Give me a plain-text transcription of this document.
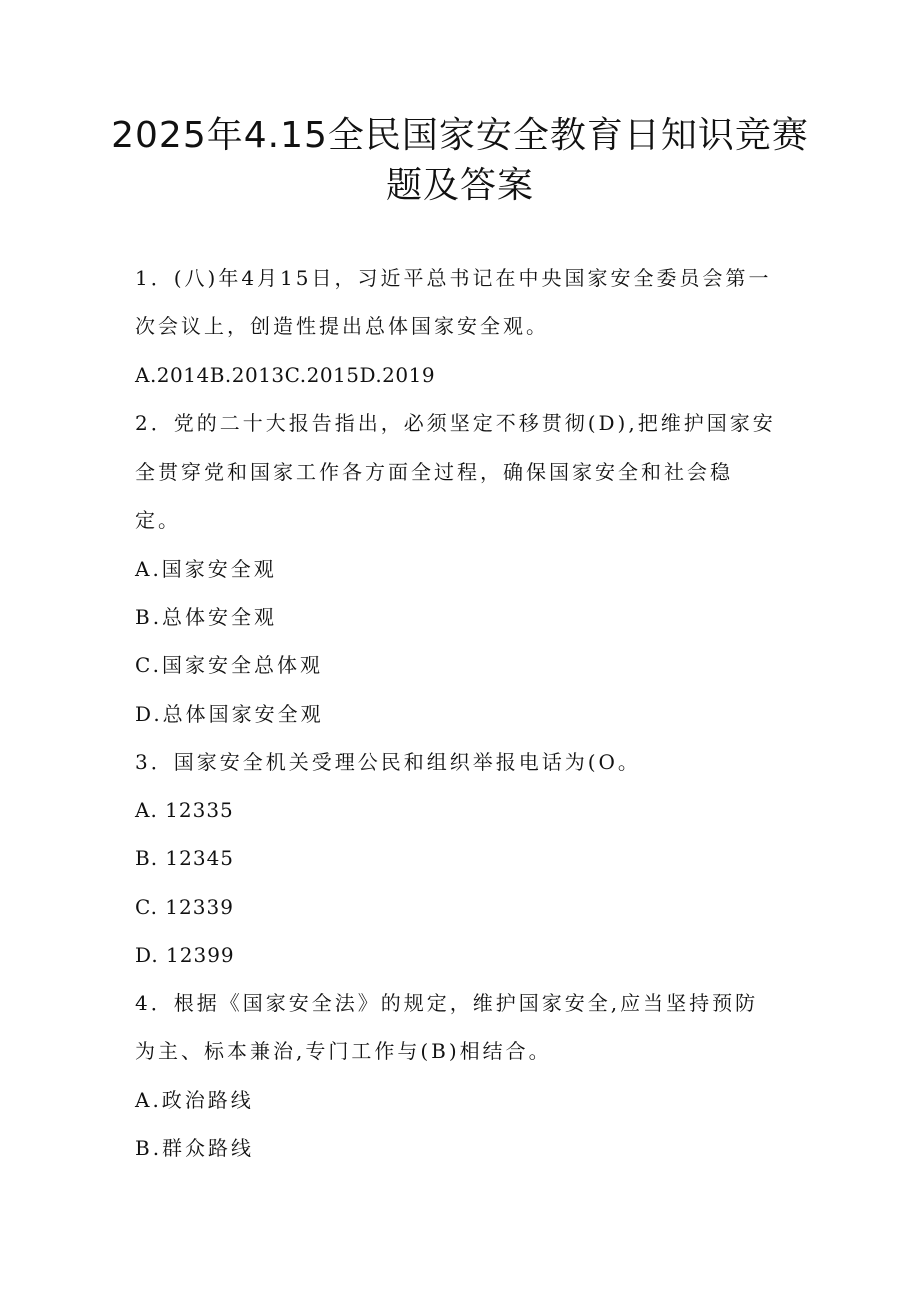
2025年4.15全民国家安全教育日知识竞赛
题及答案
1．(八)年4月15日，习近平总书记在中央国家安全委员会第一
次会议上，创造性提出总体国家安全观。
A.2014B.2013C.2015D.2019
2．党的二十大报告指出，必须坚定不移贯彻(D),把维护国家安
全贯穿党和国家工作各方面全过程，确保国家安全和社会稳
定。
A.国家安全观
B.总体安全观
C.国家安全总体观
D.总体国家安全观
3．国家安全机关受理公民和组织举报电话为(O。
A. 12335
B. 12345
C. 12339
D. 12399
4．根据《国家安全法》的规定，维护国家安全,应当坚持预防
为主、标本兼治,专门工作与(B)相结合。
A.政治路线
B.群众路线
